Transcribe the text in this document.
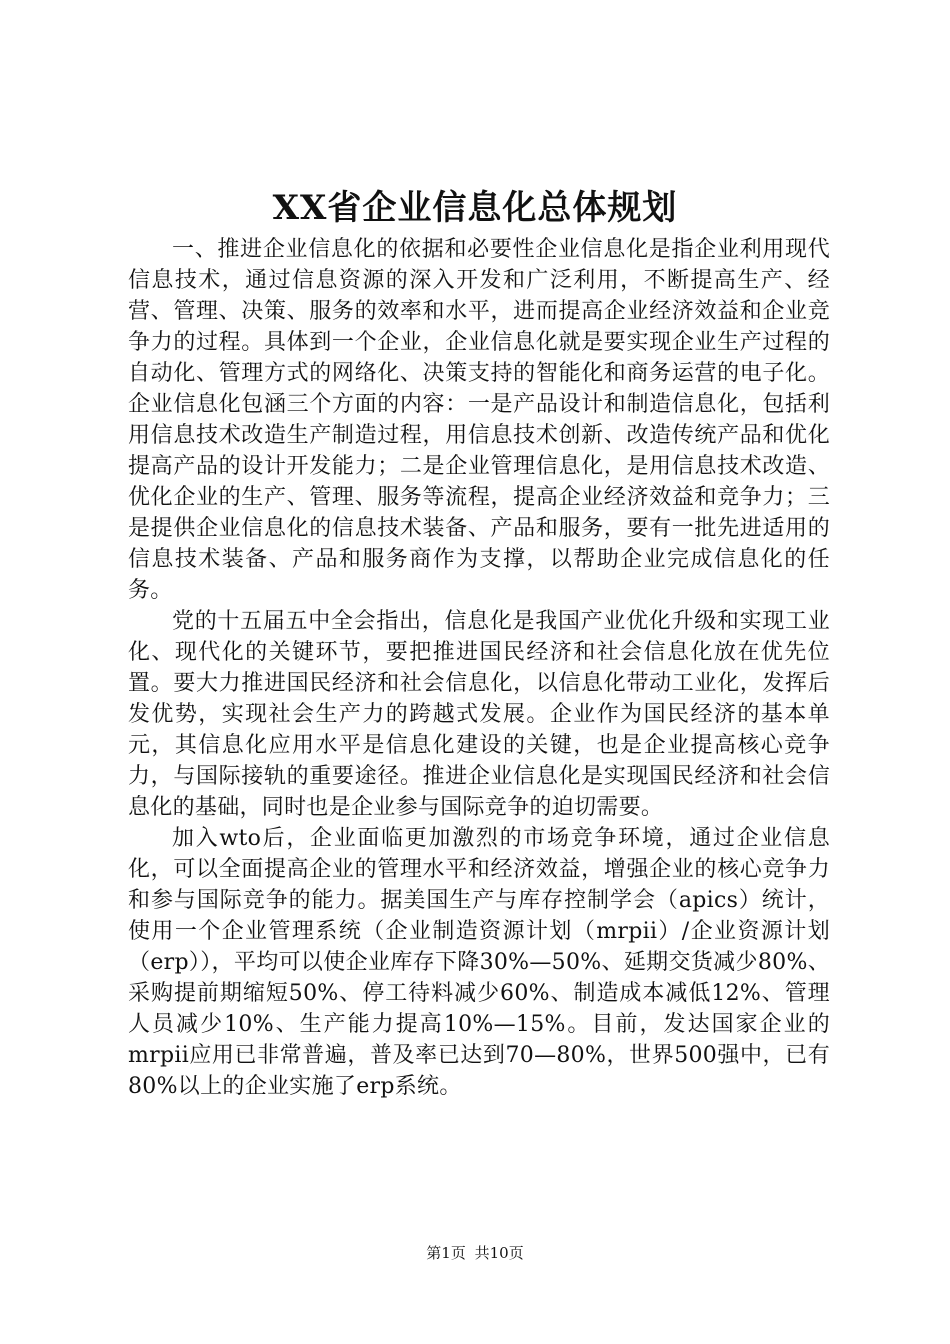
XX省企业信息化总体规划

一、推进企业信息化的依据和必要性企业信息化是指企业利用现代信息技术，通过信息资源的深入开发和广泛利用，不断提高生产、经营、管理、决策、服务的效率和水平，进而提高企业经济效益和企业竞争力的过程。具体到一个企业，企业信息化就是要实现企业生产过程的自动化、管理方式的网络化、决策支持的智能化和商务运营的电子化。企业信息化包涵三个方面的内容：一是产品设计和制造信息化，包括利用信息技术改造生产制造过程，用信息技术创新、改造传统产品和优化提高产品的设计开发能力；二是企业管理信息化，是用信息技术改造、优化企业的生产、管理、服务等流程，提高企业经济效益和竞争力；三是提供企业信息化的信息技术装备、产品和服务，要有一批先进适用的信息技术装备、产品和服务商作为支撑，以帮助企业完成信息化的任务。

党的十五届五中全会指出，信息化是我国产业优化升级和实现工业化、现代化的关键环节，要把推进国民经济和社会信息化放在优先位置。要大力推进国民经济和社会信息化，以信息化带动工业化，发挥后发优势，实现社会生产力的跨越式发展。企业作为国民经济的基本单元，其信息化应用水平是信息化建设的关键，也是企业提高核心竞争力，与国际接轨的重要途径。推进企业信息化是实现国民经济和社会信息化的基础，同时也是企业参与国际竞争的迫切需要。

加入wto后，企业面临更加激烈的市场竞争环境，通过企业信息化，可以全面提高企业的管理水平和经济效益，增强企业的核心竞争力和参与国际竞争的能力。据美国生产与库存控制学会（apics）统计，使用一个企业管理系统（企业制造资源计划（mrpii）/企业资源计划（erp）），平均可以使企业库存下降30%—50%、延期交货减少80%、采购提前期缩短50%、停工待料减少60%、制造成本减低12%、管理人员减少10%、生产能力提高10%—15%。目前，发达国家企业的mrpii应用已非常普遍，普及率已达到70—80%，世界500强中，已有80%以上的企业实施了erp系统。

第1页 共10页
